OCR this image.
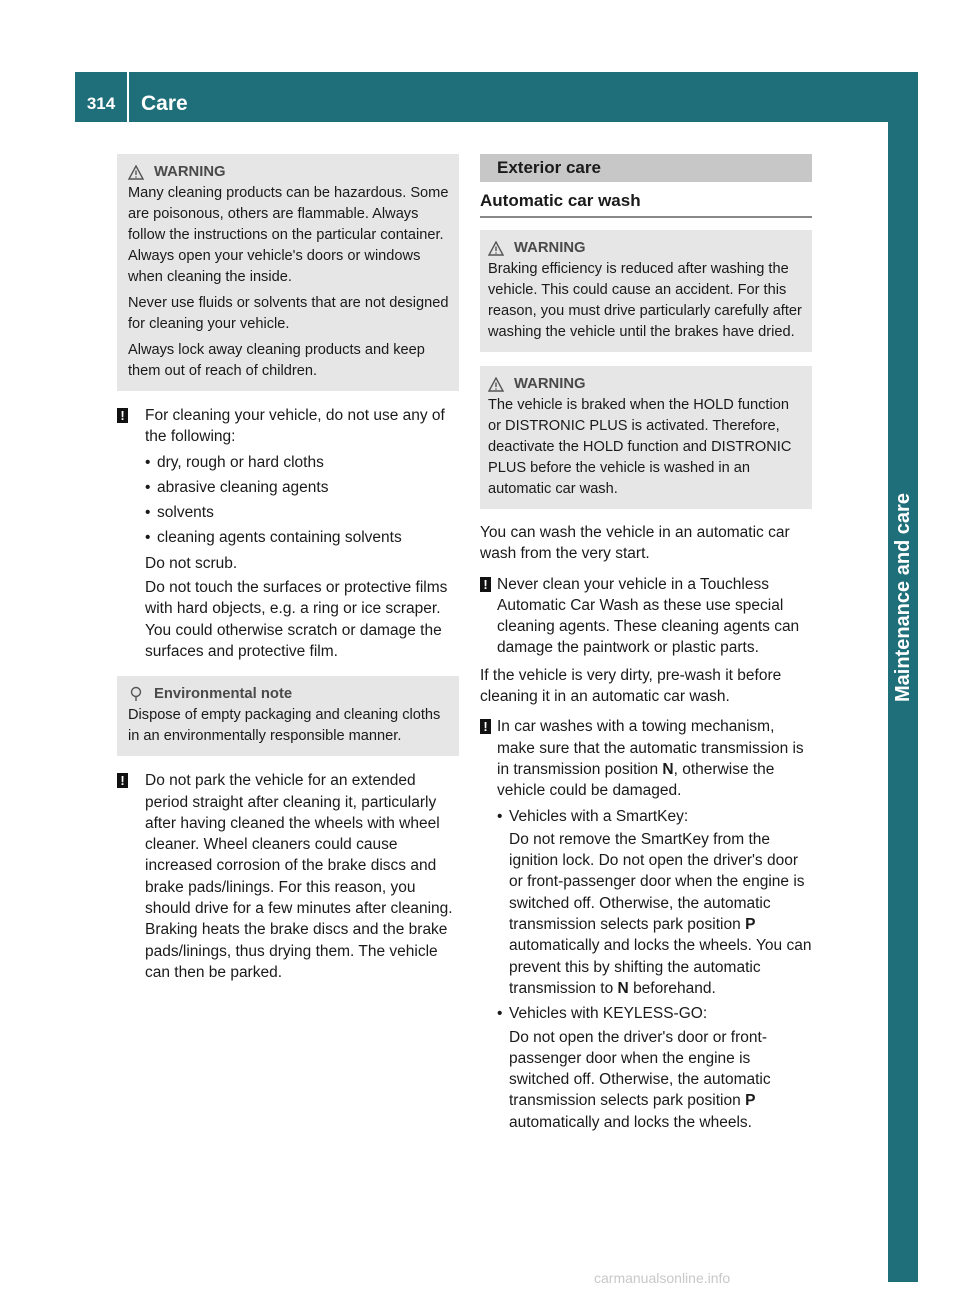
314	Care
Maintenance and care
WARNING

Many cleaning products can be hazardous. Some are poisonous, others are flammable. Always follow the instructions on the particular container. Always open your vehicle's doors or windows when cleaning the inside.

Never use fluids or solvents that are not designed for cleaning your vehicle.

Always lock away cleaning products and keep them out of reach of children.

! For cleaning your vehicle, do not use any of the following:
• dry, rough or hard cloths
• abrasive cleaning agents
• solvents
• cleaning agents containing solvents
Do not scrub.
Do not touch the surfaces or protective films with hard objects, e.g. a ring or ice scraper. You could otherwise scratch or damage the surfaces and protective film.
Environmental note

Dispose of empty packaging and cleaning cloths in an environmentally responsible manner.

! Do not park the vehicle for an extended period straight after cleaning it, particularly after having cleaned the wheels with wheel cleaner. Wheel cleaners could cause increased corrosion of the brake discs and brake pads/linings. For this reason, you should drive for a few minutes after cleaning. Braking heats the brake discs and the brake pads/linings, thus drying them. The vehicle can then be parked.
Exterior care
Automatic car wash
WARNING

Braking efficiency is reduced after washing the vehicle. This could cause an accident. For this reason, you must drive particularly carefully after washing the vehicle until the brakes have dried.

WARNING

The vehicle is braked when the HOLD function or DISTRONIC PLUS is activated. Therefore, deactivate the HOLD function and DISTRONIC PLUS before the vehicle is washed in an automatic car wash.

You can wash the vehicle in an automatic car wash from the very start.

! Never clean your vehicle in a Touchless Automatic Car Wash as these use special cleaning agents. These cleaning agents can damage the paintwork or plastic parts.

If the vehicle is very dirty, pre-wash it before cleaning it in an automatic car wash.

! In car washes with a towing mechanism, make sure that the automatic transmission is in transmission position N, otherwise the vehicle could be damaged.
• Vehicles with a SmartKey:
Do not remove the SmartKey from the ignition lock. Do not open the driver's door or front-passenger door when the engine is switched off. Otherwise, the automatic transmission selects park position P automatically and locks the wheels. You can prevent this by shifting the automatic transmission to N beforehand.
• Vehicles with KEYLESS-GO:
Do not open the driver's door or front-passenger door when the engine is switched off. Otherwise, the automatic transmission selects park position P automatically and locks the wheels.
carmanualsonline.info
